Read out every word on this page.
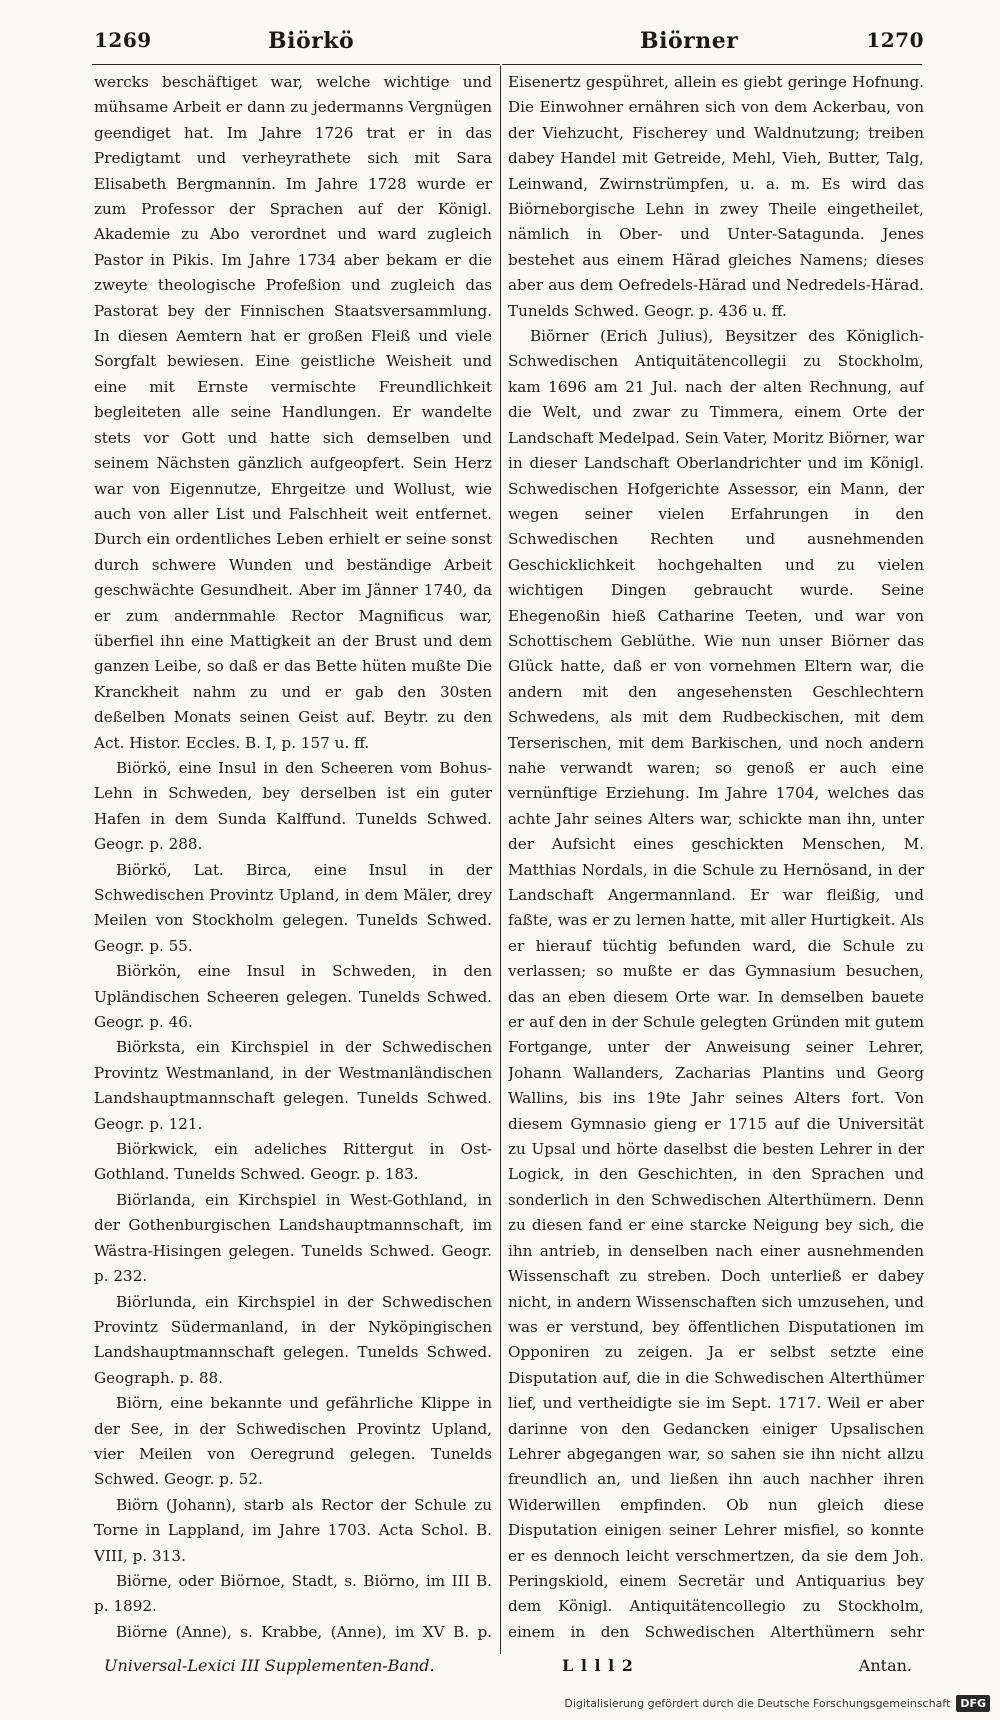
1269	Biörkö	Biörner	1270

wercks beschäftiget war, welche wichtige und mühsame Arbeit er dann zu jedermanns Vergnügen geendiget hat. Im Jahre 1726 trat er in das Predigtamt und verheyrathete sich mit Sara Elisabeth Bergmannin. Im Jahre 1728 wurde er zum Professor der Sprachen auf der Königl. Akademie zu Abo verordnet und ward zugleich Pastor in Pikis. Im Jahre 1734 aber bekam er die zweyte theologische Profeßion und zugleich das Pastorat bey der Finnischen Staatsversammlung. In diesen Aemtern hat er großen Fleiß und viele Sorgfalt bewiesen. Eine geistliche Weisheit und eine mit Ernste vermischte Freundlichkeit begleiteten alle seine Handlungen. Er wandelte stets vor Gott und hatte sich demselben und seinem Nächsten gänzlich aufgeopfert. Sein Herz war von Eigennutze, Ehrgeitze und Wollust, wie auch von aller List und Falschheit weit entfernet. Durch ein ordentliches Leben erhielt er seine sonst durch schwere Wunden und beständige Arbeit geschwächte Gesundheit. Aber im Jänner 1740, da er zum andernmahle Rector Magnificus war, überfiel ihn eine Mattigkeit an der Brust und dem ganzen Leibe, so daß er das Bette hüten mußte Die Kranckheit nahm zu und er gab den 30sten deßelben Monats seinen Geist auf. Beytr. zu den Act. Histor. Eccles. B. I, p. 157 u. ff.

Biörkö, eine Insul in den Scheeren vom Bohus-Lehn in Schweden, bey derselben ist ein guter Hafen in dem Sunda Kalffund. Tunelds Schwed. Geogr. p. 288.

Biörkö, Lat. Birca, eine Insul in der Schwedischen Provintz Upland, in dem Mäler, drey Meilen von Stockholm gelegen. Tunelds Schwed. Geogr. p. 55.

Biörkön, eine Insul in Schweden, in den Upländischen Scheeren gelegen. Tunelds Schwed. Geogr. p. 46.

Biörksta, ein Kirchspiel in der Schwedischen Provintz Westmanland, in der Westmanländischen Landshauptmannschaft gelegen. Tunelds Schwed. Geogr. p. 121.

Biörkwick, ein adeliches Rittergut in Ost-Gothland. Tunelds Schwed. Geogr. p. 183.

Biörlanda, ein Kirchspiel in West-Gothland, in der Gothenburgischen Landshauptmannschaft, im Wästra-Hisingen gelegen. Tunelds Schwed. Geogr. p. 232.

Biörlunda, ein Kirchspiel in der Schwedischen Provintz Südermanland, in der Nyköpingischen Landshauptmannschaft gelegen. Tunelds Schwed. Geograph. p. 88.

Biörn, eine bekannte und gefährliche Klippe in der See, in der Schwedischen Provintz Upland, vier Meilen von Oeregrund gelegen. Tunelds Schwed. Geogr. p. 52.

Biörn (Johann), starb als Rector der Schule zu Torne in Lappland, im Jahre 1703. Acta Schol. B. VIII, p. 313.

Biörne, oder Biörnoe, Stadt, s. Biörno, im III B. p. 1892.

Biörne (Anne), s. Krabbe, (Anne), im XV B. p.

Eisenertz gespühret, allein es giebt geringe Hofnung. Die Einwohner ernähren sich von dem Ackerbau, von der Viehzucht, Fischerey und Waldnutzung; treiben dabey Handel mit Getreide, Mehl, Vieh, Butter, Talg, Leinwand, Zwirnstrümpfen, u. a. m. Es wird das Biörneborgische Lehn in zwey Theile eingetheilet, nämlich in Ober- und Unter-Satagunda. Jenes bestehet aus einem Härad gleiches Namens; dieses aber aus dem Oefredels-Härad und Nedredels-Härad. Tunelds Schwed. Geogr. p. 436 u. ff.

Biörner (Erich Julius), Beysitzer des Königlich-Schwedischen Antiquitätencollegii zu Stockholm, kam 1696 am 21 Jul. nach der alten Rechnung, auf die Welt, und zwar zu Timmera, einem Orte der Landschaft Medelpad. Sein Vater, Moritz Biörner, war in dieser Landschaft Oberlandrichter und im Königl. Schwedischen Hofgerichte Assessor, ein Mann, der wegen seiner vielen Erfahrungen in den Schwedischen Rechten und ausnehmenden Geschicklichkeit hochgehalten und zu vielen wichtigen Dingen gebraucht wurde. Seine Ehegenoßin hieß Catharine Teeten, und war von Schottischem Geblüthe. Wie nun unser Biörner das Glück hatte, daß er von vornehmen Eltern war, die andern mit den angesehensten Geschlechtern Schwedens, als mit dem Rudbeckischen, mit dem Terserischen, mit dem Barkischen, und noch andern nahe verwandt waren; so genoß er auch eine vernünftige Erziehung. Im Jahre 1704, welches das achte Jahr seines Alters war, schickte man ihn, unter der Aufsicht eines geschickten Menschen, M. Matthias Nordals, in die Schule zu Hernösand, in der Landschaft Angermannland. Er war fleißig, und faßte, was er zu lernen hatte, mit aller Hurtigkeit. Als er hierauf tüchtig befunden ward, die Schule zu verlassen; so mußte er das Gymnasium besuchen, das an eben diesem Orte war. In demselben bauete er auf den in der Schule gelegten Gründen mit gutem Fortgange, unter der Anweisung seiner Lehrer, Johann Wallanders, Zacharias Plantins und Georg Wallins, bis ins 19te Jahr seines Alters fort. Von diesem Gymnasio gieng er 1715 auf die Universität zu Upsal und hörte daselbst die besten Lehrer in der Logick, in den Geschichten, in den Sprachen und sonderlich in den Schwedischen Alterthümern. Denn zu diesen fand er eine starcke Neigung bey sich, die ihn antrieb, in denselben nach einer ausnehmenden Wissenschaft zu streben. Doch unterließ er dabey nicht, in andern Wissenschaften sich umzusehen, und was er verstund, bey öffentlichen Disputationen im Opponiren zu zeigen. Ja er selbst setzte eine Disputation auf, die in die Schwedischen Alterthümer lief, und vertheidigte sie im Sept. 1717. Weil er aber darinne von den Gedancken einiger Upsalischen Lehrer abgegangen war, so sahen sie ihn nicht allzu freundlich an, und ließen ihn auch nachher ihren Widerwillen empfinden. Ob nun gleich diese Disputation einigen seiner Lehrer misfiel, so konnte er es dennoch leicht verschmertzen, da sie dem Joh. Peringskiold, einem Secretär und Antiquarius bey dem Königl. Antiquitätencollegio zu Stockholm, einem in den Schwedischen Alterthümern sehr

Universal-Lexici III Supplementen-Band.	L l l l 2	Antan.
Digitalisierung gefördert durch die Deutsche Forschungsgemeinschaft DFG
